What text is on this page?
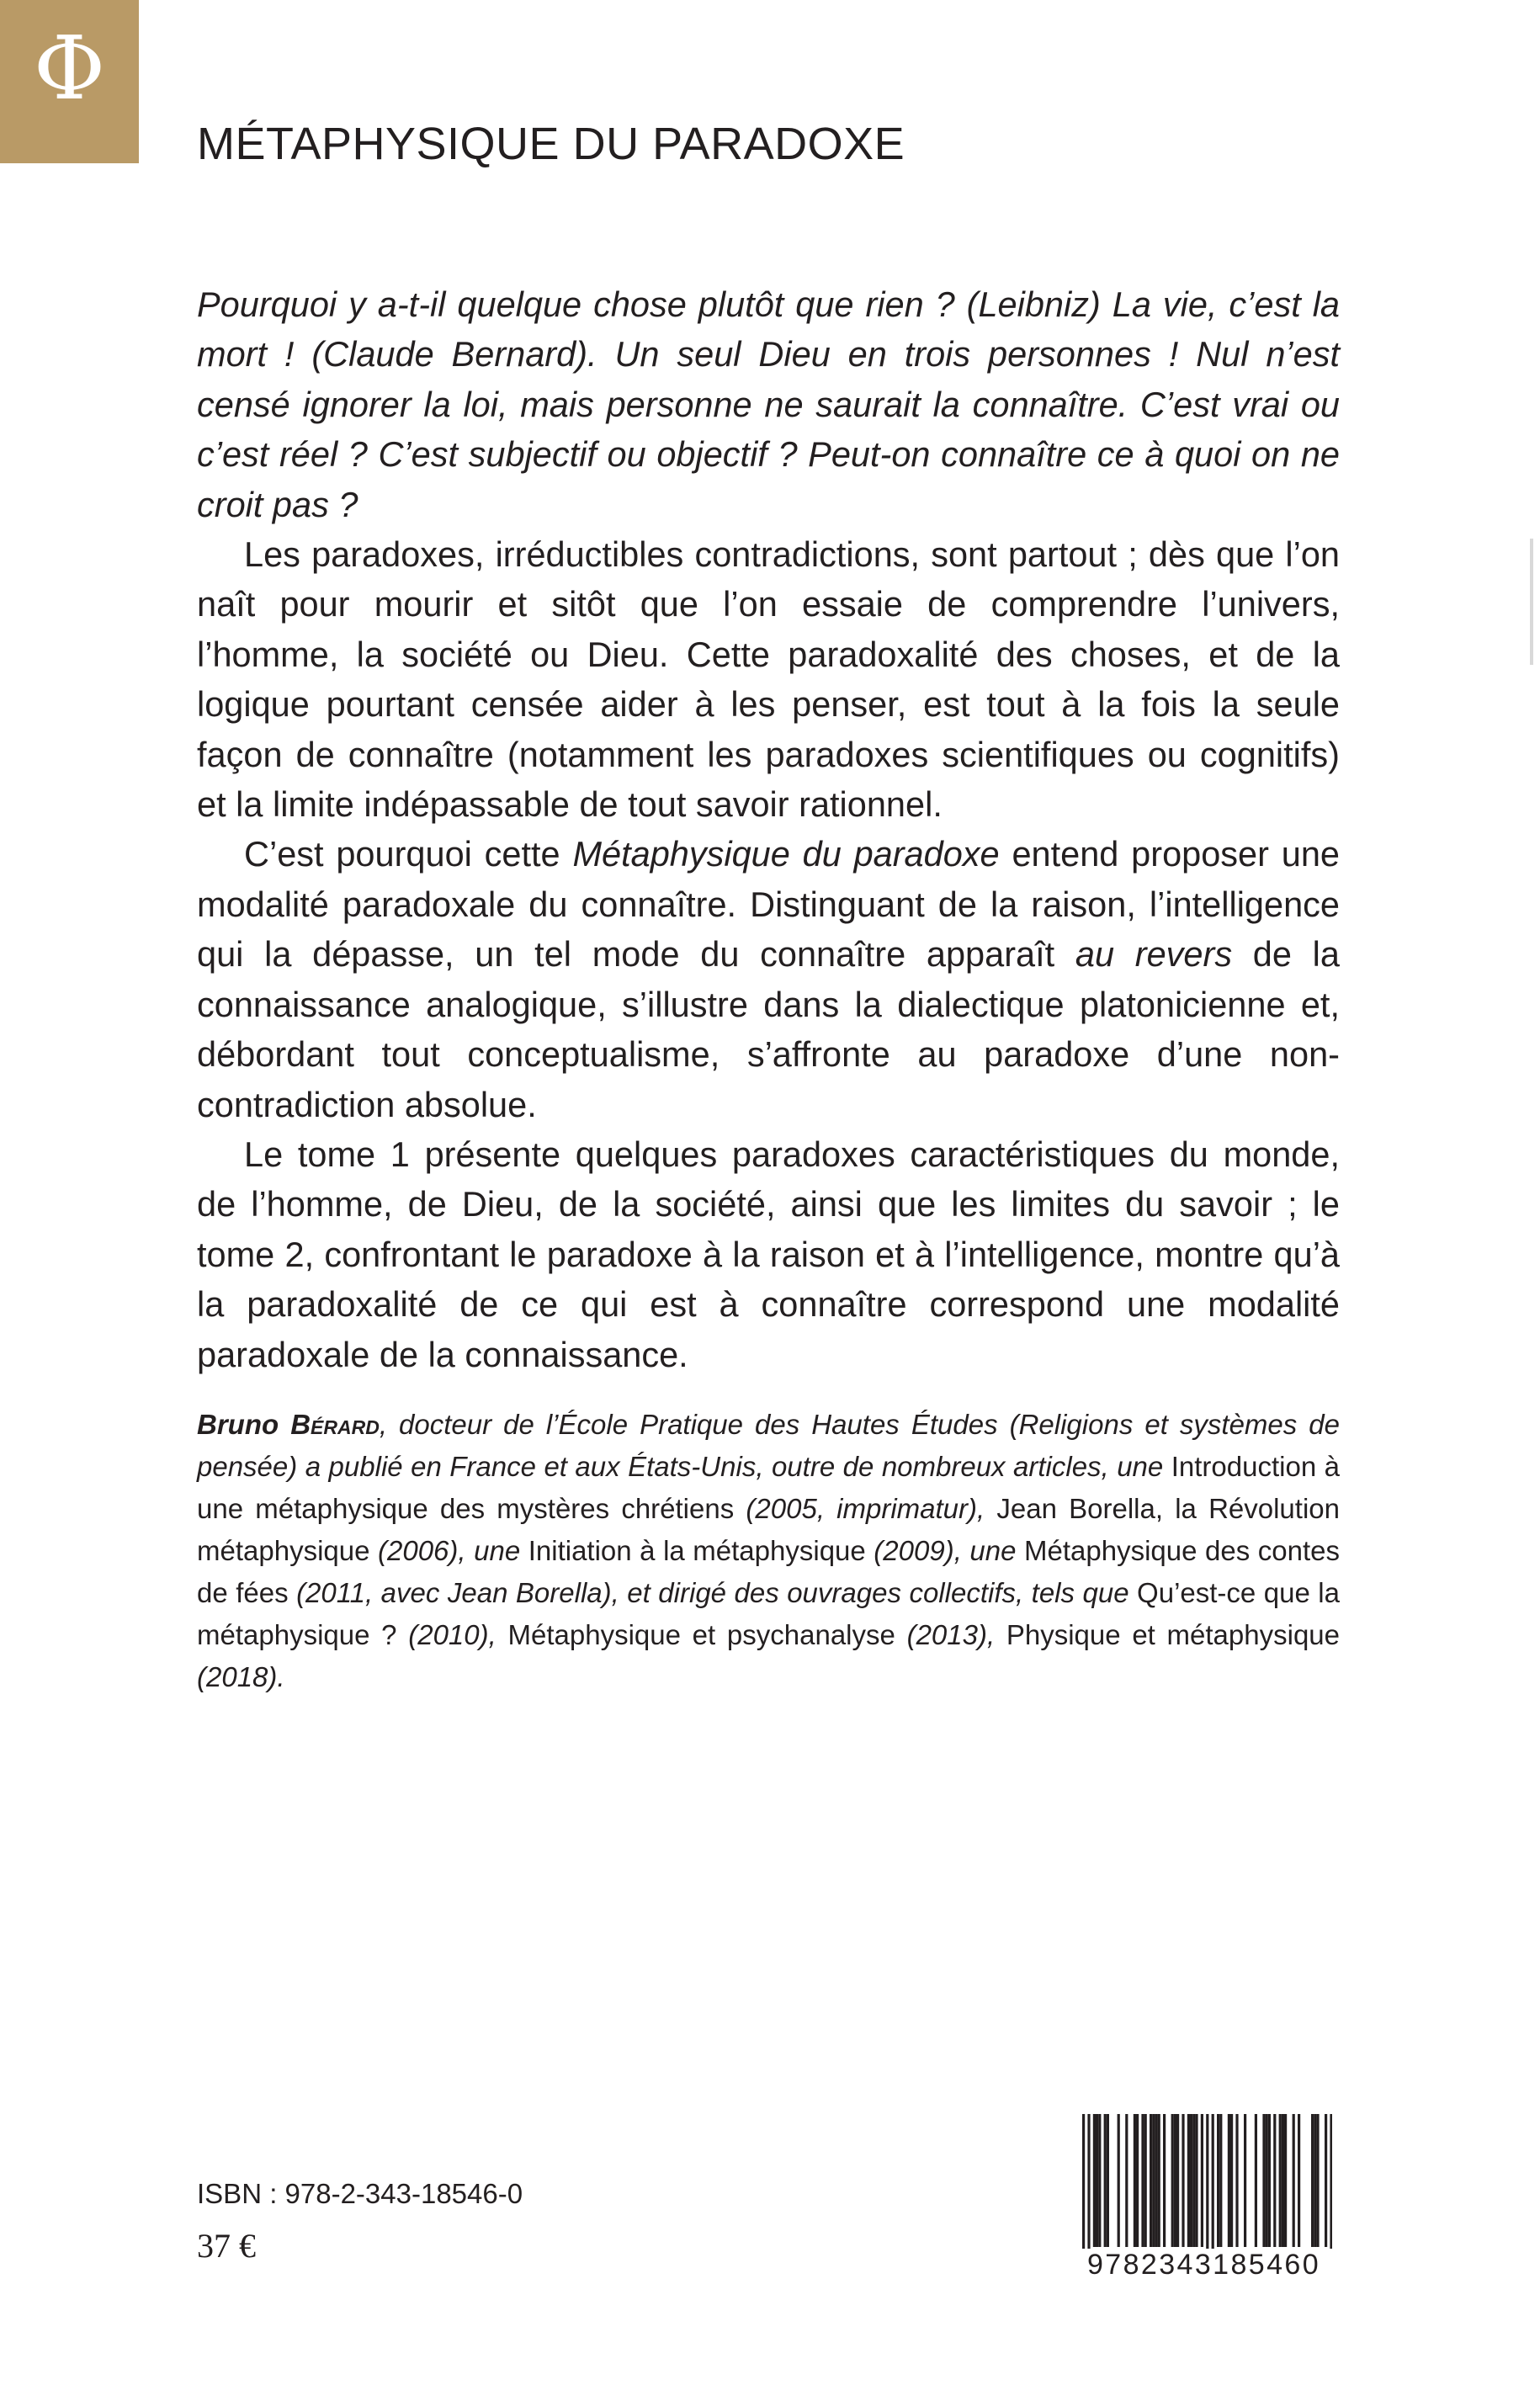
Φ
MÉTAPHYSIQUE DU PARADOXE

Pourquoi y a-t-il quelque chose plutôt que rien ? (Leibniz) La vie, c’est la mort ! (Claude Bernard). Un seul Dieu en trois personnes ! Nul n’est censé ignorer la loi, mais personne ne saurait la connaître. C’est vrai ou c’est réel ? C’est subjectif ou objectif ? Peut-on connaître ce à quoi on ne croit pas ?

Les paradoxes, irréductibles contradictions, sont partout ; dès que l’on naît pour mourir et sitôt que l’on essaie de comprendre l’univers, l’homme, la société ou Dieu. Cette paradoxalité des choses, et de la logique pourtant censée aider à les penser, est tout à la fois la seule façon de connaître (notamment les paradoxes scientifiques ou cognitifs) et la limite indépassable de tout savoir rationnel.

C’est pourquoi cette Métaphysique du paradoxe entend proposer une modalité paradoxale du connaître. Distinguant de la raison, l’intelligence qui la dépasse, un tel mode du connaître apparaît au revers de la connaissance analogique, s’illustre dans la dialectique platonicienne et, débordant tout conceptualisme, s’affronte au paradoxe d’une non-contradiction absolue.

Le tome 1 présente quelques paradoxes caractéristiques du monde, de l’homme, de Dieu, de la société, ainsi que les limites du savoir ; le tome 2, confrontant le paradoxe à la raison et à l’intelligence, montre qu’à la paradoxalité de ce qui est à connaître correspond une modalité paradoxale de la connaissance.

Bruno Bérard, docteur de l’École Pratique des Hautes Études (Religions et systèmes de pensée) a publié en France et aux États-Unis, outre de nombreux articles, une Introduction à une métaphysique des mystères chrétiens (2005, imprimatur), Jean Borella, la Révolution métaphysique (2006), une Initiation à la métaphysique (2009), une Métaphysique des contes de fées (2011, avec Jean Borella), et dirigé des ouvrages collectifs, tels que Qu’est-ce que la métaphysique ? (2010), Métaphysique et psychanalyse (2013), Physique et métaphysique (2018).

ISBN : 978-2-343-18546-0
37 €	9782343185460
